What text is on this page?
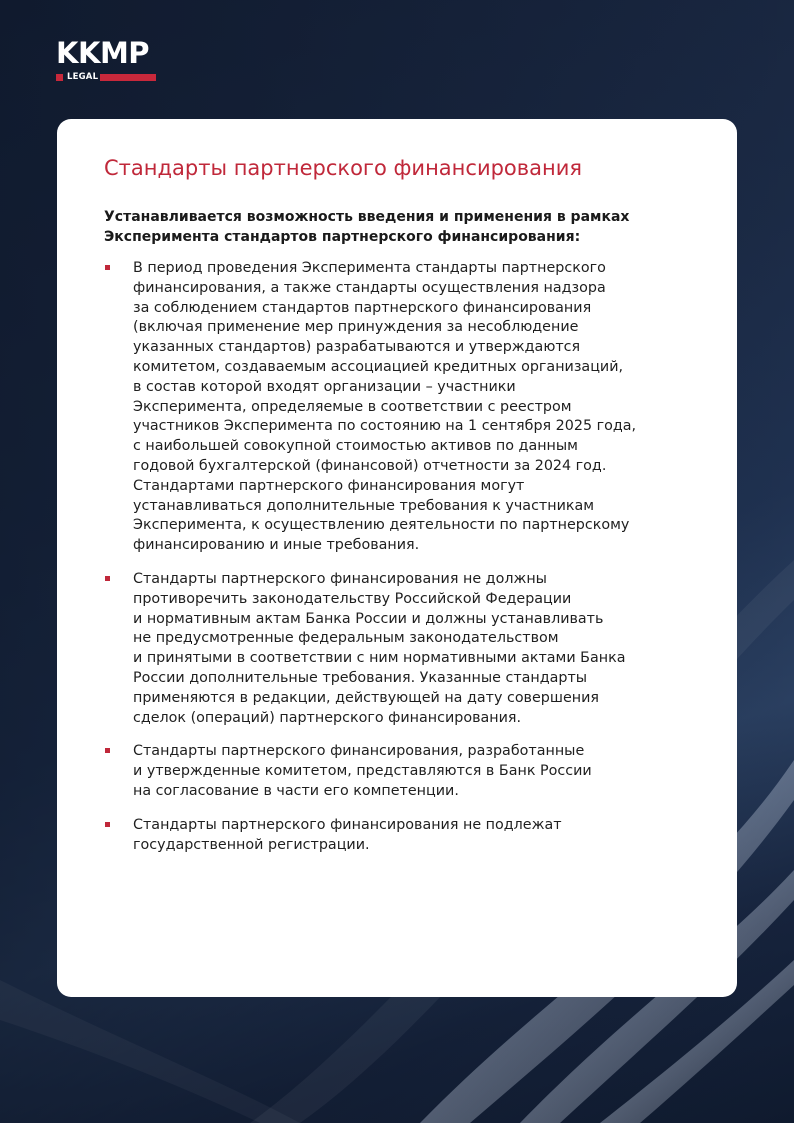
KKMP
LEGAL
Стандарты партнерского финансирования
Устанавливается возможность введения и применения в рамках
Эксперимента стандартов партнерского финансирования:
В период проведения Эксперимента стандарты партнерского
финансирования, а также стандарты осуществления надзора
за соблюдением стандартов партнерского финансирования
(включая применение мер принуждения за несоблюдение
указанных стандартов) разрабатываются и утверждаются
комитетом, создаваемым ассоциацией кредитных организаций,
в состав которой входят организации – участники
Эксперимента, определяемые в соответствии с реестром
участников Эксперимента по состоянию на 1 сентября 2025 года,
с наибольшей совокупной стоимостью активов по данным
годовой бухгалтерской (финансовой) отчетности за 2024 год.
Стандартами партнерского финансирования могут
устанавливаться дополнительные требования к участникам
Эксперимента, к осуществлению деятельности по партнерскому
финансированию и иные требования.
Стандарты партнерского финансирования не должны
противоречить законодательству Российской Федерации
и нормативным актам Банка России и должны устанавливать
не предусмотренные федеральным законодательством
и принятыми в соответствии с ним нормативными актами Банка
России дополнительные требования. Указанные стандарты
применяются в редакции, действующей на дату совершения
сделок (операций) партнерского финансирования.
Стандарты партнерского финансирования, разработанные
и утвержденные комитетом, представляются в Банк России
на согласование в части его компетенции.
Стандарты партнерского финансирования не подлежат
государственной регистрации.
